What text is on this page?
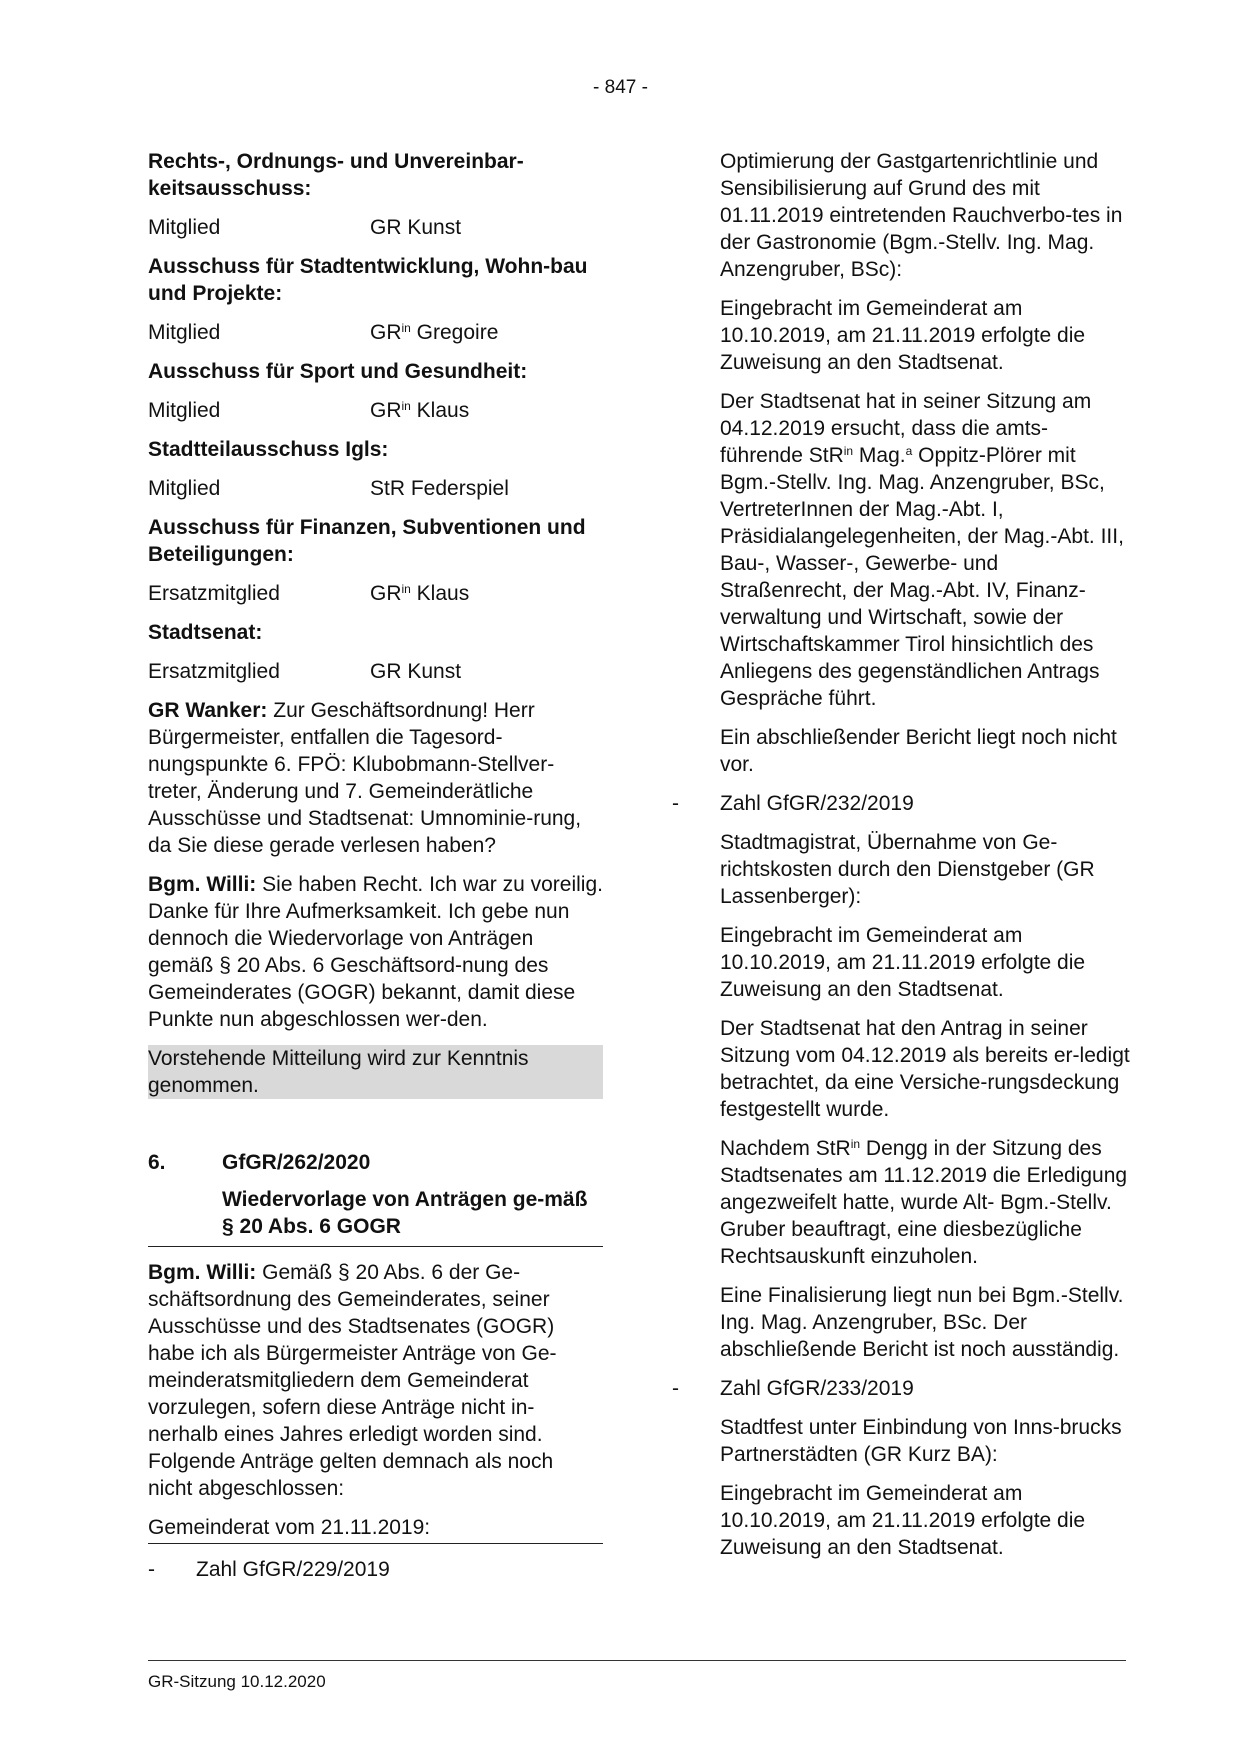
- 847 -

Rechts-, Ordnungs- und Unvereinbar-keitsausschuss:

Mitglied	GR Kunst

Ausschuss für Stadtentwicklung, Wohn-bau und Projekte:

Mitglied	$GR^{in}$ Gregoire

Ausschuss für Sport und Gesundheit:

Mitglied	$GR^{in}$ Klaus

Stadtteilausschuss Igls:

Mitglied	StR Federspiel

Ausschuss für Finanzen, Subventionen und Beteiligungen:

Ersatzmitglied	$GR^{in}$ Klaus

Stadtsenat:

Ersatzmitglied	GR Kunst

GR Wanker: Zur Geschäftsordnung! Herr Bürgermeister, entfallen die Tagesord-nungspunkte 6. FPÖ: Klubobmann-Stellver-treter, Änderung und 7. Gemeinderätliche Ausschüsse und Stadtsenat: Umnominie-rung, da Sie diese gerade verlesen haben?

Bgm. Willi: Sie haben Recht. Ich war zu voreilig. Danke für Ihre Aufmerksamkeit. Ich gebe nun dennoch die Wiedervorlage von Anträgen gemäß § 20 Abs. 6 Geschäftsord-nung des Gemeinderates (GOGR) bekannt, damit diese Punkte nun abgeschlossen wer-den.

Vorstehende Mitteilung wird zur Kenntnis genommen.

6.	GfGR/262/2020
Wiedervorlage von Anträgen ge-mäß § 20 Abs. 6 GOGR

Bgm. Willi: Gemäß § 20 Abs. 6 der Ge-schäftsordnung des Gemeinderates, seiner Ausschüsse und des Stadtsenates (GOGR) habe ich als Bürgermeister Anträge von Ge-meinderatsmitgliedern dem Gemeinderat vorzulegen, sofern diese Anträge nicht in-nerhalb eines Jahres erledigt worden sind. Folgende Anträge gelten demnach als noch nicht abgeschlossen:

Gemeinderat vom 21.11.2019:
-	Zahl GfGR/229/2019

Optimierung der Gastgartenrichtlinie und Sensibilisierung auf Grund des mit 01.11.2019 eintretenden Rauchverbo-tes in der Gastronomie (Bgm.-Stellv. Ing. Mag. Anzengruber, BSc):

Eingebracht im Gemeinderat am 10.10.2019, am 21.11.2019 erfolgte die Zuweisung an den Stadtsenat.

Der Stadtsenat hat in seiner Sitzung am 04.12.2019 ersucht, dass die amts-führende StR$^{in}$ Mag.$^a$ Oppitz-Plörer mit Bgm.-Stellv. Ing. Mag. Anzengruber, BSc, VertreterInnen der Mag.-Abt. I, Präsidialangelegenheiten, der Mag.-Abt. III, Bau-, Wasser-, Gewerbe- und Straßenrecht, der Mag.-Abt. IV, Finanz-verwaltung und Wirtschaft, sowie der Wirtschaftskammer Tirol hinsichtlich des Anliegens des gegenständlichen Antrags Gespräche führt.

Ein abschließender Bericht liegt noch nicht vor.

-	Zahl GfGR/232/2019

Stadtmagistrat, Übernahme von Ge-richtskosten durch den Dienstgeber (GR Lassenberger):

Eingebracht im Gemeinderat am 10.10.2019, am 21.11.2019 erfolgte die Zuweisung an den Stadtsenat.

Der Stadtsenat hat den Antrag in seiner Sitzung vom 04.12.2019 als bereits er-ledigt betrachtet, da eine Versiche-rungsdeckung festgestellt wurde.

Nachdem StR$^{in}$ Dengg in der Sitzung des Stadtsenates am 11.12.2019 die Erledigung angezweifelt hatte, wurde Alt- Bgm.-Stellv. Gruber beauftragt, eine diesbezügliche Rechtsauskunft einzuholen.

Eine Finalisierung liegt nun bei Bgm.-Stellv. Ing. Mag. Anzengruber, BSc. Der abschließende Bericht ist noch ausständig.

-	Zahl GfGR/233/2019

Stadtfest unter Einbindung von Inns-brucks Partnerstädten (GR Kurz BA):

Eingebracht im Gemeinderat am 10.10.2019, am 21.11.2019 erfolgte die Zuweisung an den Stadtsenat.

GR-Sitzung 10.12.2020
